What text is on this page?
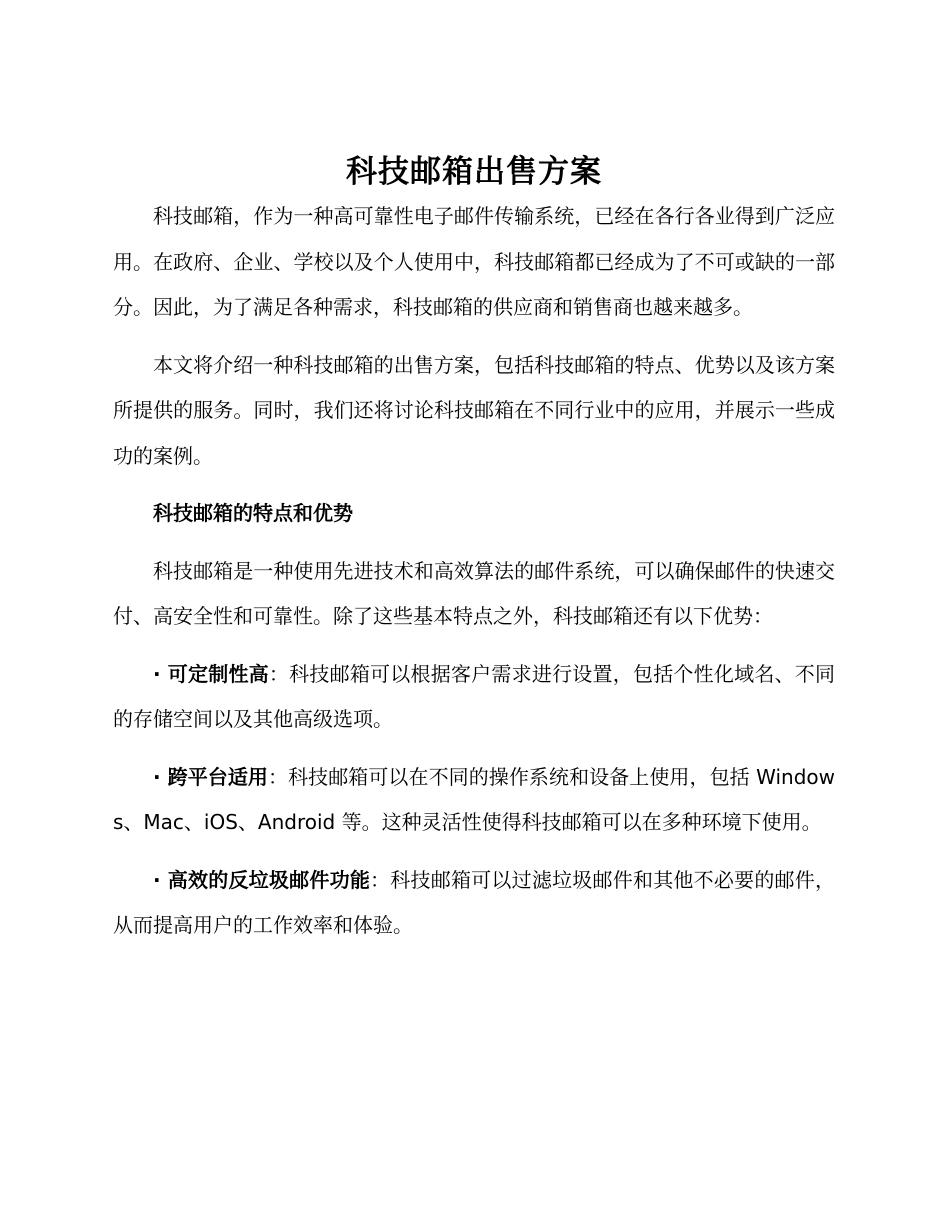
科技邮箱出售方案

科技邮箱，作为一种高可靠性电子邮件传输系统，已经在各行各业得到广泛应用。在政府、企业、学校以及个人使用中，科技邮箱都已经成为了不可或缺的一部分。因此，为了满足各种需求，科技邮箱的供应商和销售商也越来越多。

本文将介绍一种科技邮箱的出售方案，包括科技邮箱的特点、优势以及该方案所提供的服务。同时，我们还将讨论科技邮箱在不同行业中的应用，并展示一些成功的案例。

科技邮箱的特点和优势

科技邮箱是一种使用先进技术和高效算法的邮件系统，可以确保邮件的快速交付、高安全性和可靠性。除了这些基本特点之外，科技邮箱还有以下优势：

· 可定制性高：科技邮箱可以根据客户需求进行设置，包括个性化域名、不同的存储空间以及其他高级选项。

· 跨平台适用：科技邮箱可以在不同的操作系统和设备上使用，包括 Windows、Mac、iOS、Android 等。这种灵活性使得科技邮箱可以在多种环境下使用。

· 高效的反垃圾邮件功能：科技邮箱可以过滤垃圾邮件和其他不必要的邮件，从而提高用户的工作效率和体验。
